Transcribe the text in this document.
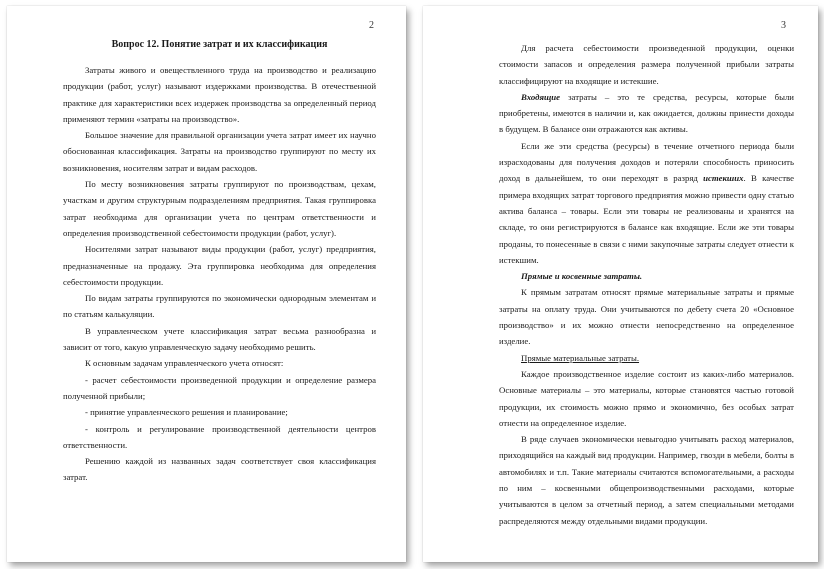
2

Вопрос 12. Понятие затрат и их классификация

Затраты живого и овеществленного труда на производство и реализацию продукции (работ, услуг) называют издержками производства. В отечественной практике для характеристики всех издержек производства за определенный период применяют термин «затраты на производство».

Большое значение для правильной организации учета затрат имеет их научно обоснованная классификация. Затраты на производство группируют по месту их возникновения, носителям затрат и видам расходов.

По месту возникновения затраты группируют по производствам, цехам, участкам и другим структурным подразделениям предприятия. Такая группировка затрат необходима для организации учета по центрам ответственности и определения производственной себестоимости продукции (работ, услуг).

Носителями затрат называют виды продукции (работ, услуг) предприятия, предназначенные на продажу. Эта группировка необходима для определения себестоимости продукции.

По видам затраты группируются по экономически однородным элементам и по статьям калькуляции.

В управленческом учете классификация затрат весьма разнообразна и зависит от того, какую управленческую задачу необходимо решить.

К основным задачам управленческого учета относят:

- расчет себестоимости произведенной продукции и определение размера полученной прибыли;

- принятие управленческого решения и планирование;

- контроль и регулирование производственной деятельности центров ответственности.

Решению каждой из названных задач соответствует своя классификация затрат.

3

Для расчета себестоимости произведенной продукции, оценки стоимости запасов и определения размера полученной прибыли затраты классифицируют на входящие и истекшие.

Входящие затраты – это те средства, ресурсы, которые были приобретены, имеются в наличии и, как ожидается, должны принести доходы в будущем. В балансе они отражаются как активы.

Если же эти средства (ресурсы) в течение отчетного периода были израсходованы для получения доходов и потеряли способность приносить доход в дальнейшем, то они переходят в разряд истекших. В качестве примера входящих затрат торгового предприятия можно привести одну статью актива баланса – товары. Если эти товары не реализованы и хранятся на складе, то они регистрируются в балансе как входящие. Если же эти товары проданы, то понесенные в связи с ними закупочные затраты следует отнести к истекшим.

Прямые и косвенные затраты.

К прямым затратам относят прямые материальные затраты и прямые затраты на оплату труда. Они учитываются по дебету счета 20 «Основное производство» и их можно отнести непосредственно на определенное изделие.

Прямые материальные затраты.

Каждое производственное изделие состоит из каких-либо материалов. Основные материалы – это материалы, которые становятся частью готовой продукции, их стоимость можно прямо и экономично, без особых затрат отнести на определенное изделие.

В ряде случаев экономически невыгодно учитывать расход материалов, приходящийся на каждый вид продукции. Например, гвозди в мебели, болты в автомобилях и т.п. Такие материалы считаются вспомогательными, а расходы по ним – косвенными общепроизводственными расходами, которые учитываются в целом за отчетный период, а затем специальными методами распределяются между отдельными видами продукции.
